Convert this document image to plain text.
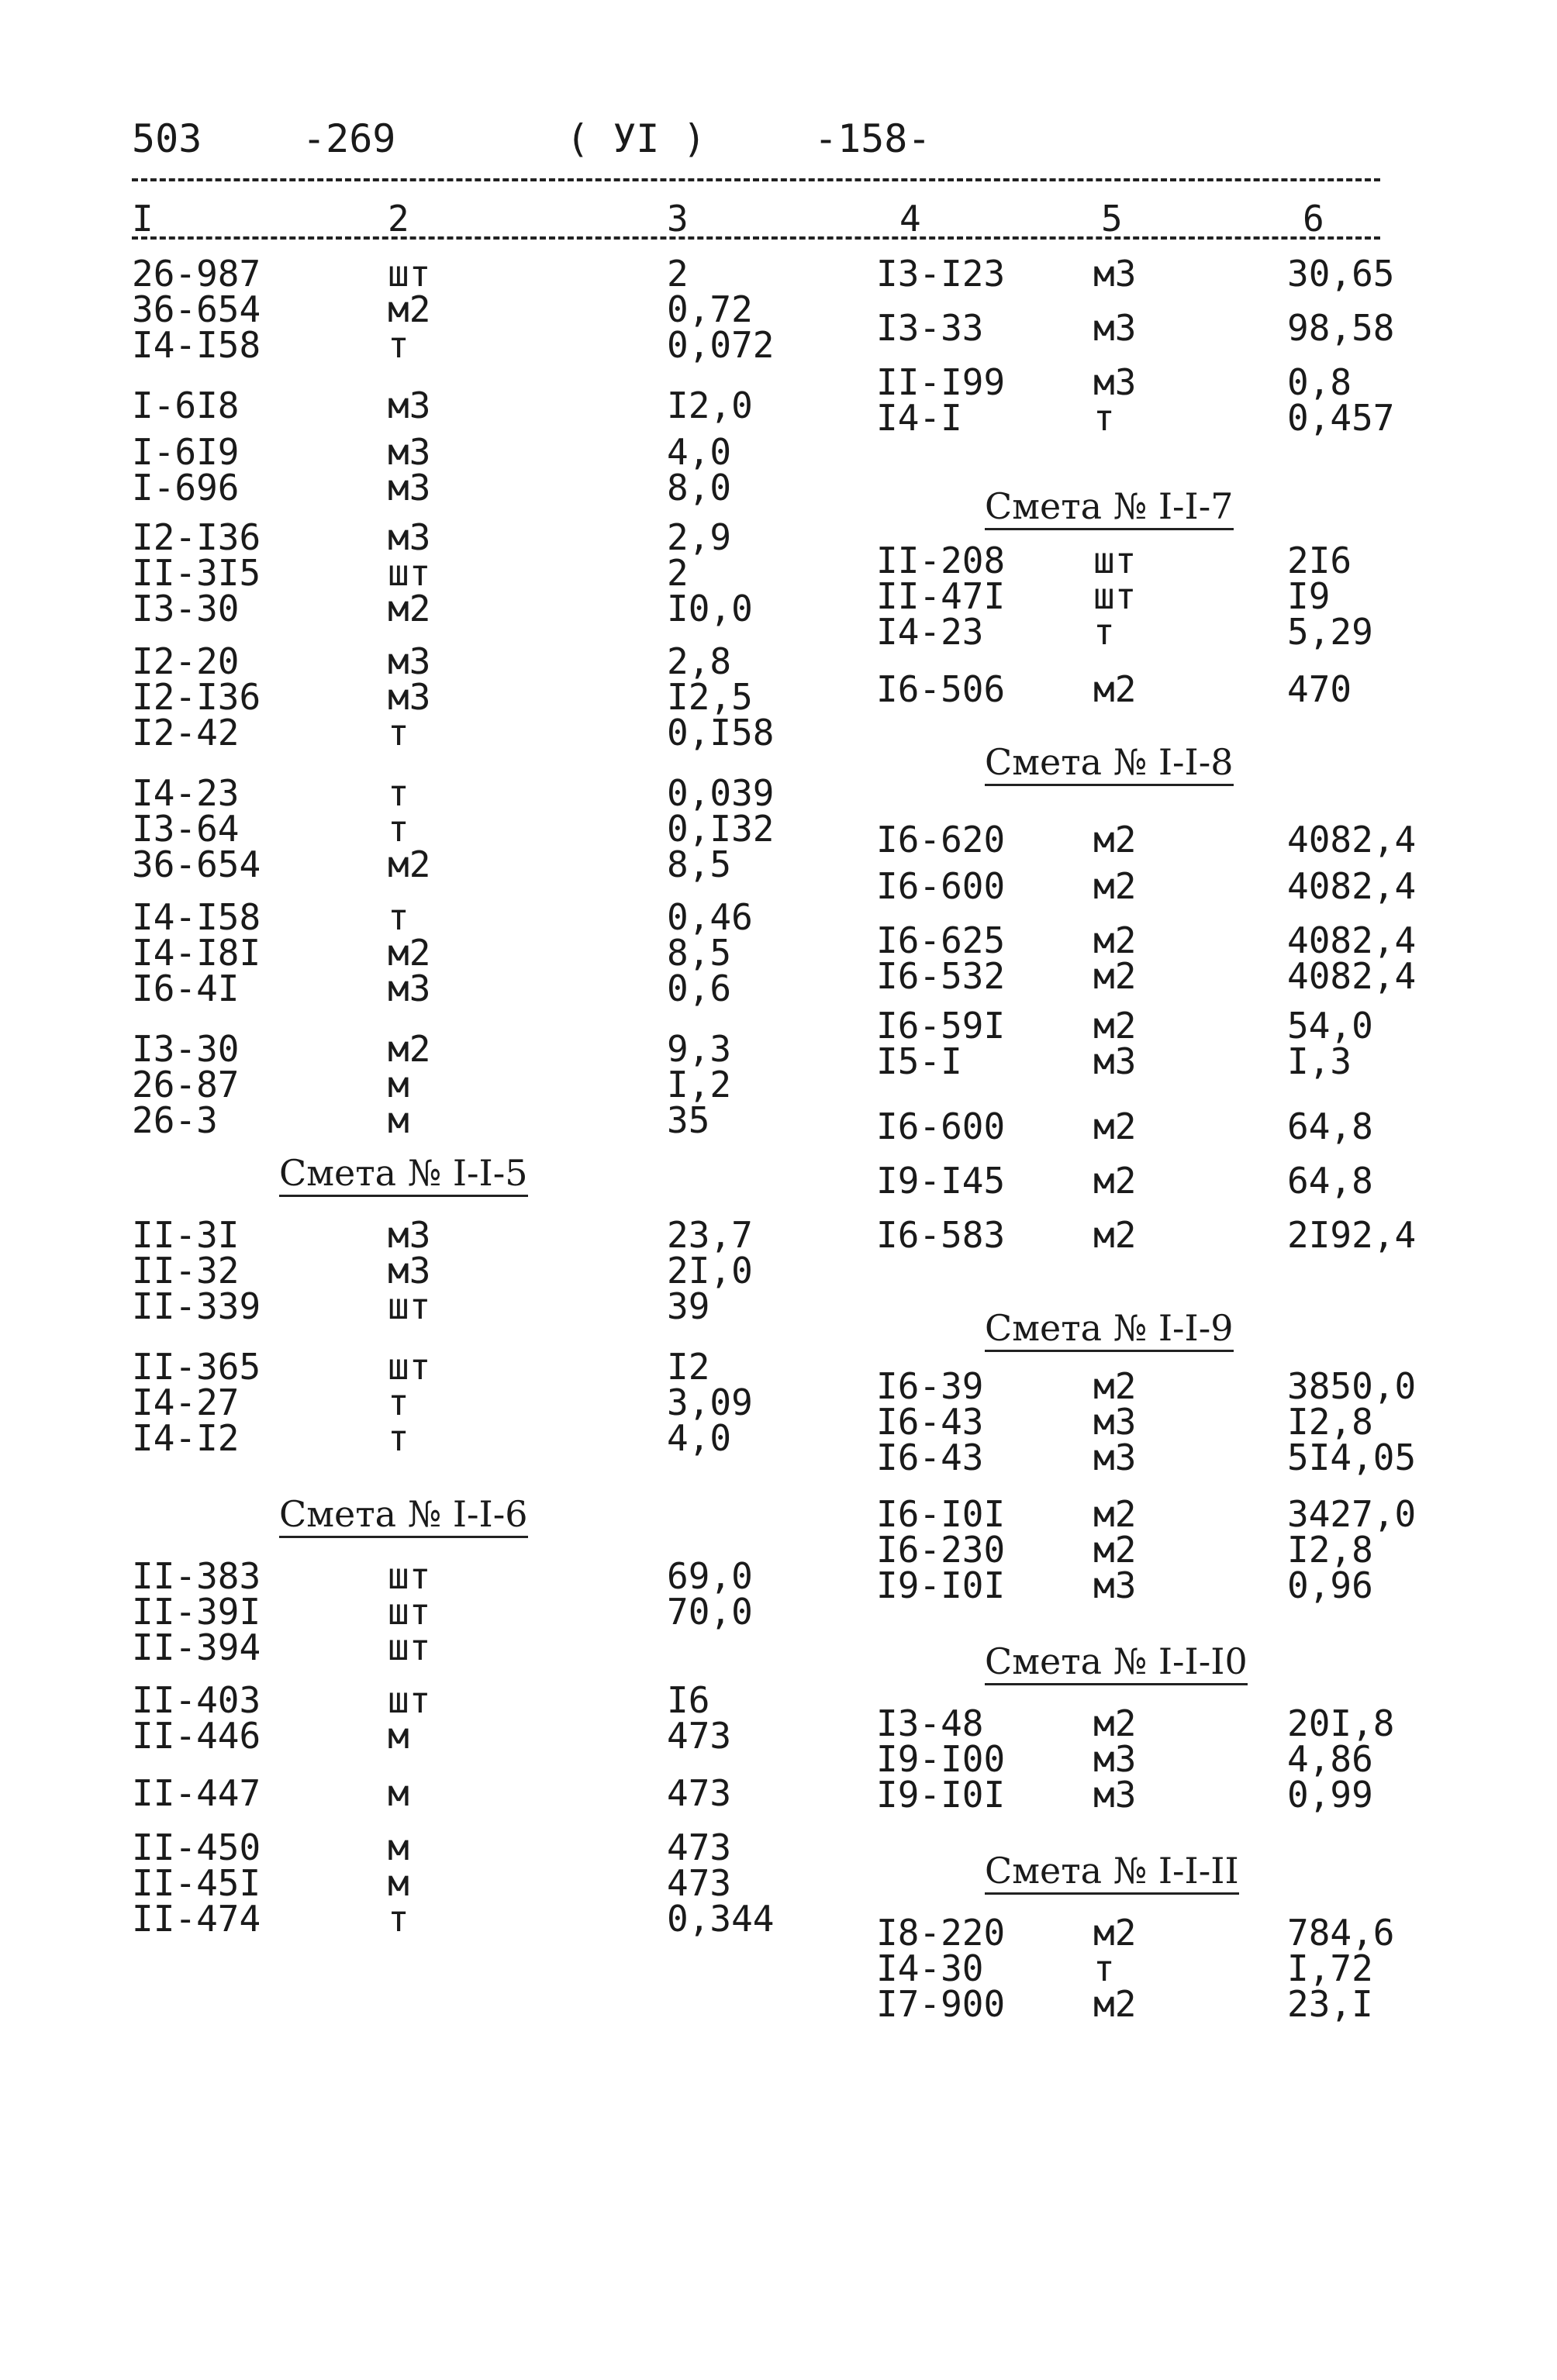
503

	-269

	( УI )

	-158-

I	2	3	4	5	6
26-987	шт	2
36-654	м2	0,72
I4-I58	т	0,072
I-6I8	м3	I2,0
I-6I9	м3	4,0
I-696	м3	8,0
I2-I36	м3	2,9
II-3I5	шт	2
I3-30	м2	I0,0
I2-20	м3	2,8
I2-I36	м3	I2,5
I2-42	т	0,I58
I4-23	т	0,039
I3-64	т	0,I32
36-654	м2	8,5
I4-I58	т	0,46
I4-I8I	м2	8,5
I6-4I	м3	0,6
I3-30	м2	9,3
26-87	м	I,2
26-3	м	35
Смета № I-I-5
II-3I	м3	23,7
II-32	м3	2I,0
II-339	шт	39
II-365	шт	I2
I4-27	т	3,09
I4-I2	т	4,0
Смета № I-I-6
II-383	шт	69,0
II-39I	шт	70,0
II-394	шт
II-403	шт	I6
II-446	м	473
II-447	м	473
II-450	м	473
II-45I	м	473
II-474	т	0,344
I3-I23 м3	30,65
I3-33	м3	98,58
II-I99 м3	0,8
I4-I	т	0,457
Смета № I-I-7
II-208 шт	2I6
II-47I шт	I9
I4-23	т	5,29
I6-506 м2	470
Смета № I-I-8
I6-620 м2	4082,4
I6-600 м2	4082,4
I6-625 м2	4082,4
I6-532 м2	4082,4
I6-59I м2	54,0
I5-I	м3	I,3
I6-600 м2	64,8
I9-I45 м2	64,8
I6-583 м2	2I92,4
Смета № I-I-9
I6-39	м2	3850,0
I6-43	м3	I2,8
I6-43	м3	5I4,05
I6-I0I м2	3427,0
I6-230 м2	I2,8
I9-I0I м3	0,96
Смета № I-I-I0
I3-48	м2	20I,8
I9-I00 м3	4,86
I9-I0I м3	0,99
Смета № I-I-II
I8-220 м2	784,6
I4-30	т	I,72
I7-900 м2	23,I
